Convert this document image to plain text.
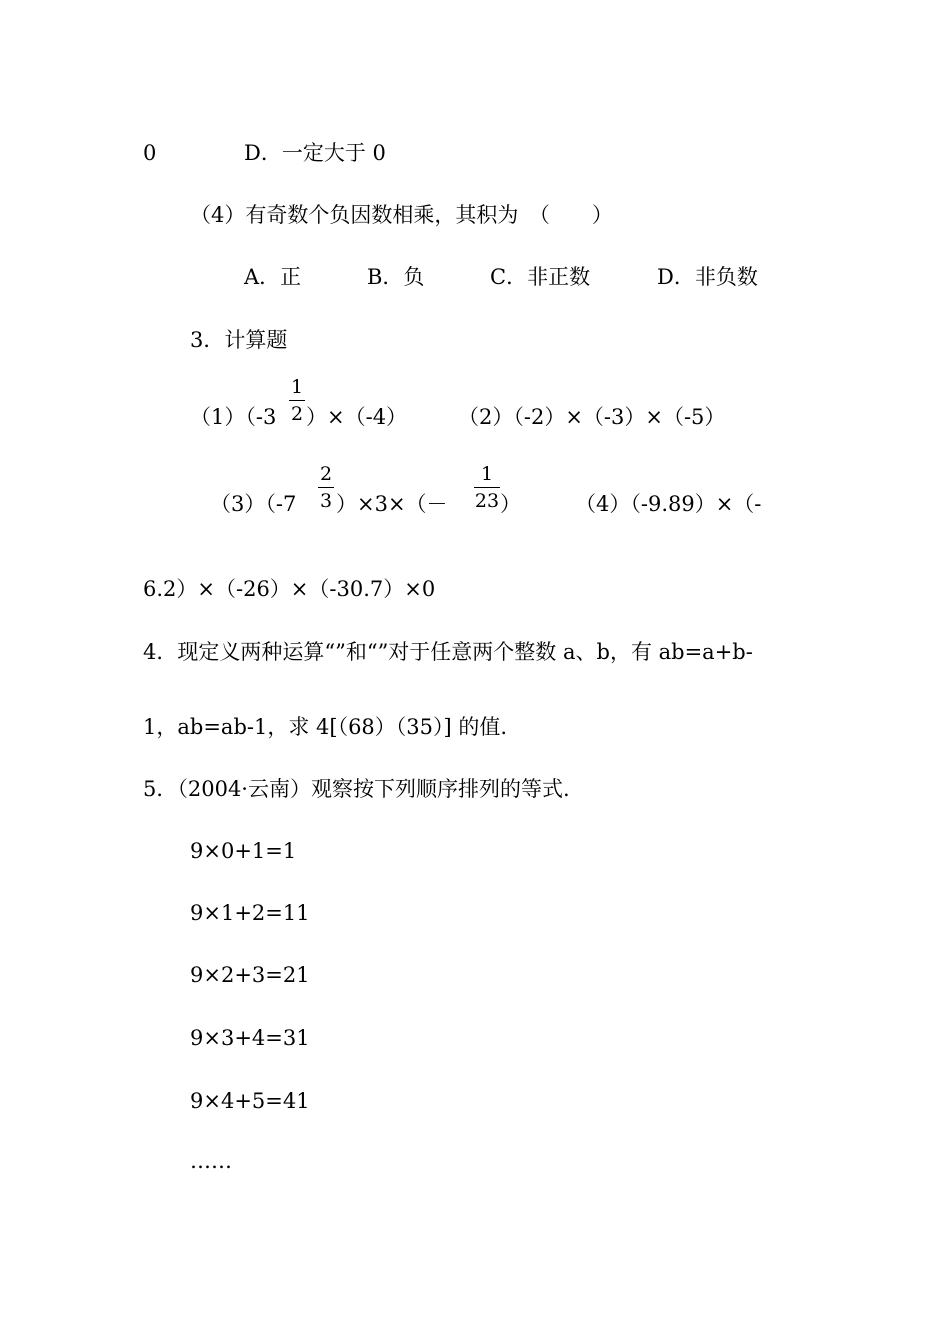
0	D．一定大于 0
（4）有奇数个负因数相乘，其积为　（　　）
A．正	B．负	C．非正数	D．非负数
3．计算题
（1）（-3
1
2 ）×（-4） （2）（-2）×（-3）×（-5）
（3）（-7
2
3 ）×3×（－
1
23 ）	（4）（-9.89）×（-
6.2）×（-26）×（-30.7）×0
4．现定义两种运算“”和“”对于任意两个整数 a、b，有 ab=a+b-
1，ab=ab-1，求 4[（68）（35）] 的值.
5．（2004·云南）观察按下列顺序排列的等式.
9×0+1=1
9×1+2=11
9×2+3=21
9×3+4=31
9×4+5=41
……
